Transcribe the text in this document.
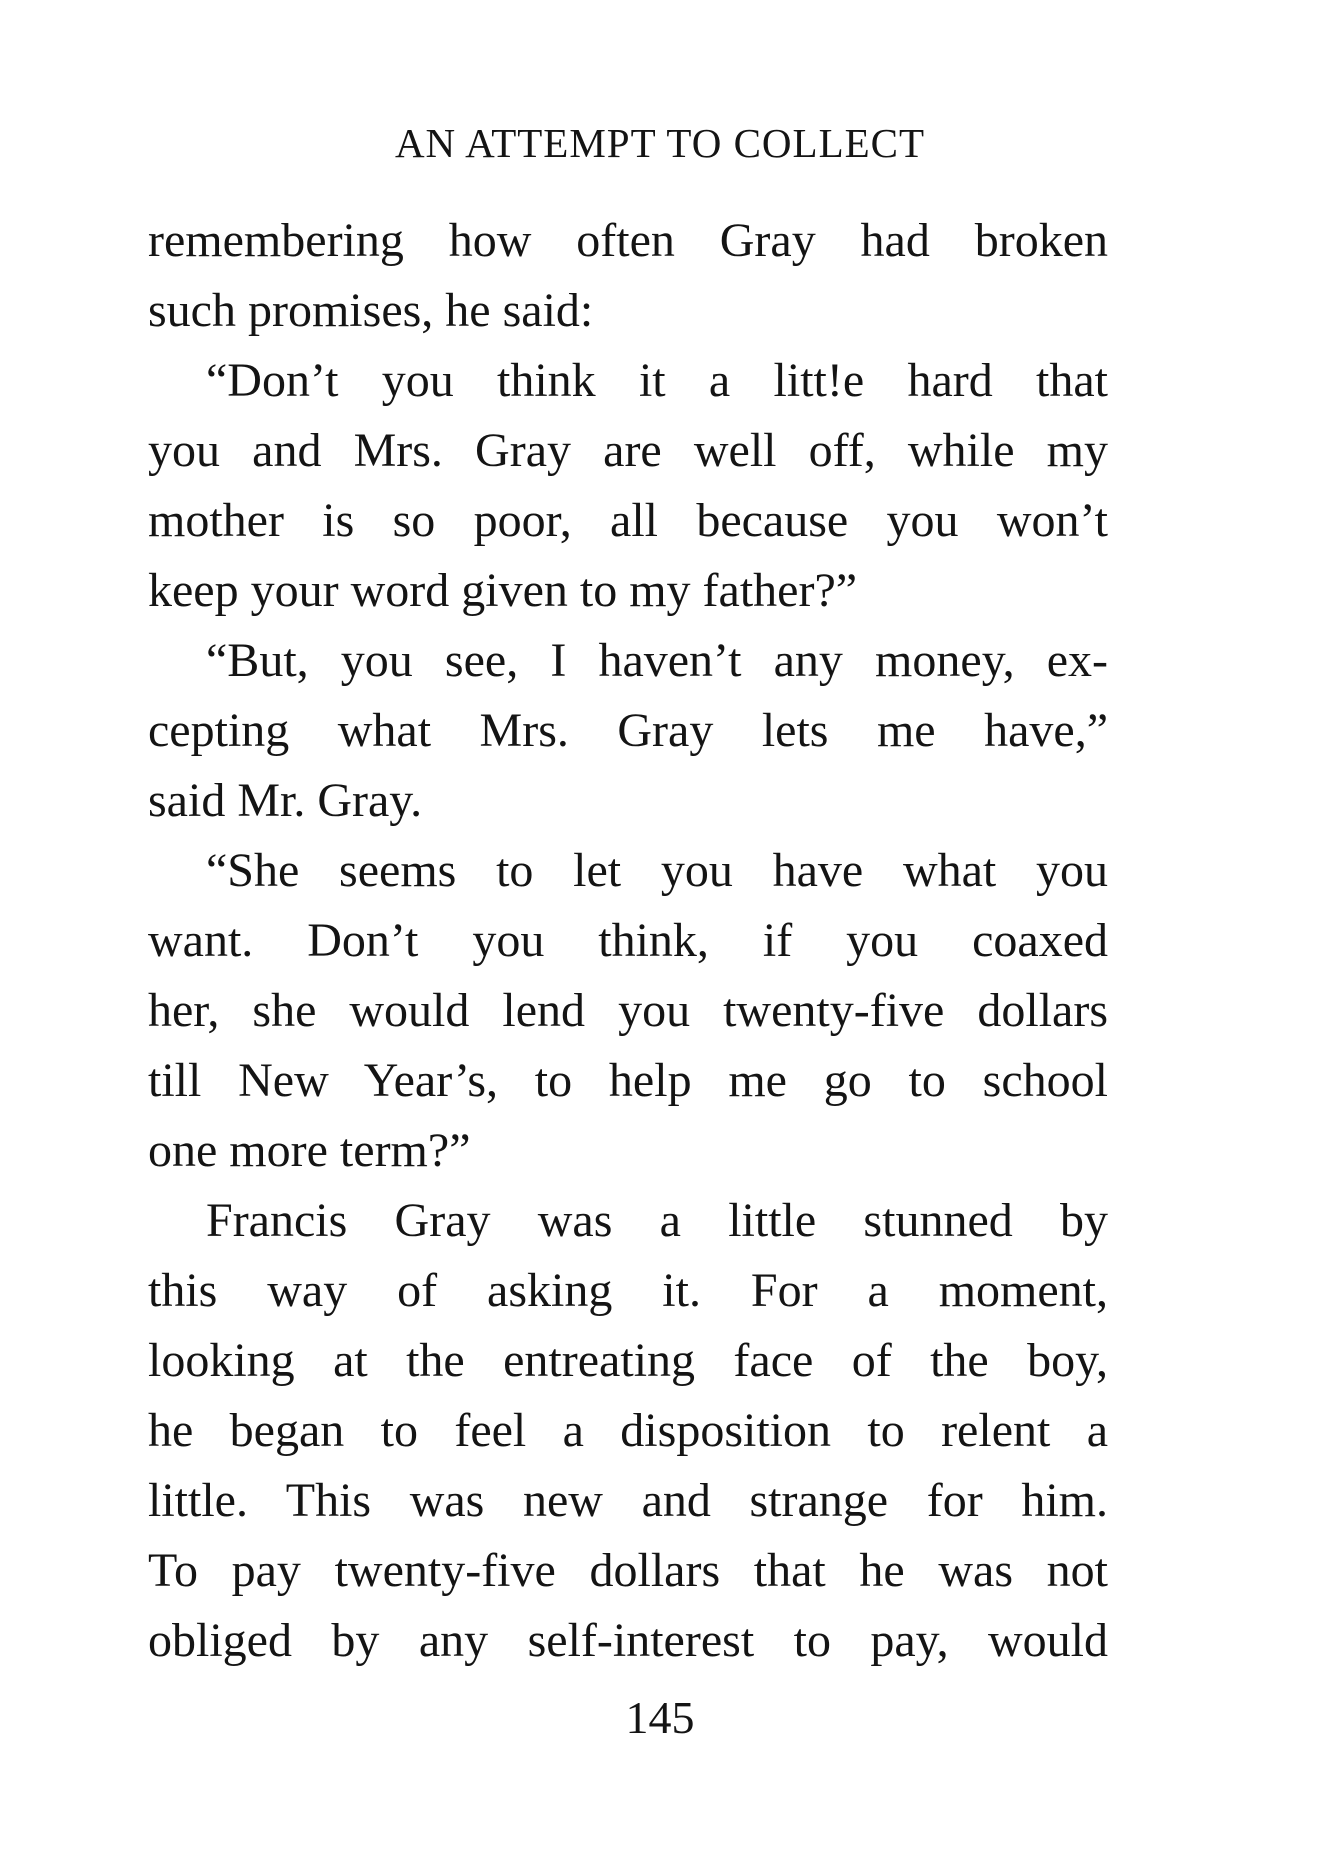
AN ATTEMPT TO COLLECT
remembering how often Gray had broken
such promises, he said:
“Don’t you think it a litt!e hard that
you and Mrs. Gray are well off, while my
mother is so poor, all because you won’t
keep your word given to my father?”
“But, you see, I haven’t any money, ex-
cepting what Mrs. Gray lets me have,”
said Mr. Gray.
“She seems to let you have what you
want. Don’t you think, if you coaxed
her, she would lend you twenty-five dollars
till New Year’s, to help me go to school
one more term?”
Francis Gray was a little stunned by
this way of asking it. For a moment,
looking at the entreating face of the boy,
he began to feel a disposition to relent a
little. This was new and strange for him.
To pay twenty-five dollars that he was not
obliged by any self-interest to pay, would
145
